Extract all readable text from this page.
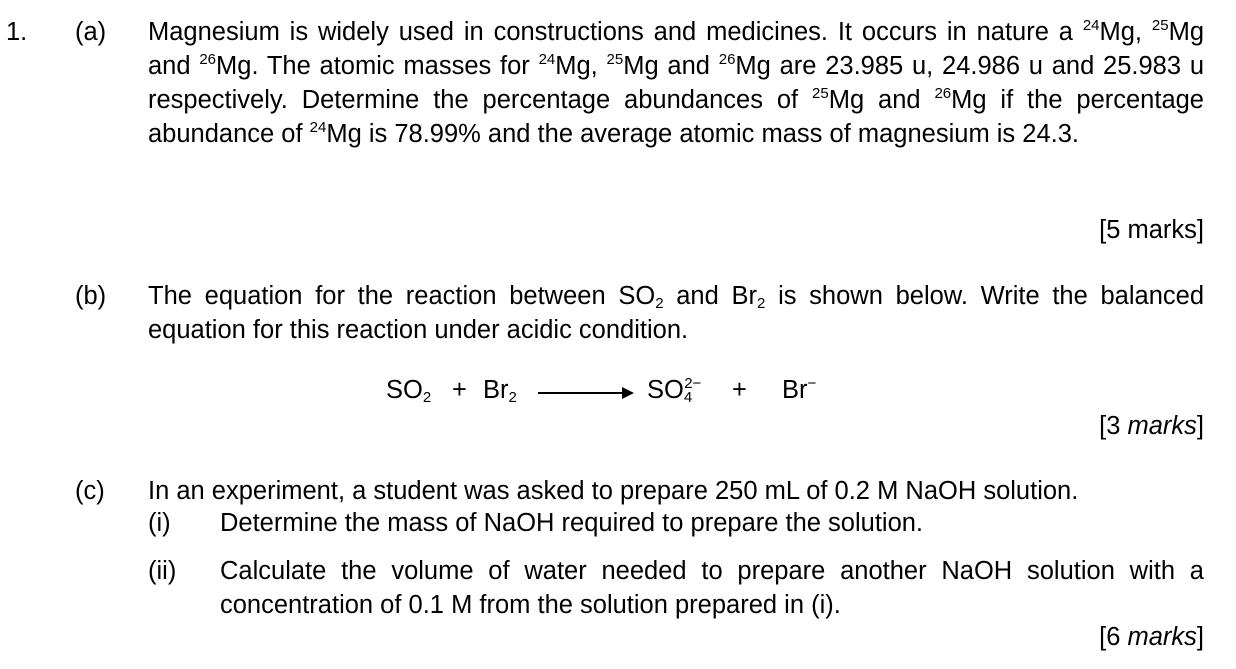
1. (a) Magnesium is widely used in constructions and medicines. It occurs in nature a $^{24}$Mg, $^{25}$Mg and $^{26}$Mg. The atomic masses for $^{24}$Mg, $^{25}$Mg and $^{26}$Mg are 23.985 u, 24.986 u and 25.983 u respectively. Determine the percentage abundances of $^{25}$Mg and $^{26}$Mg if the percentage abundance of $^{24}$Mg is 78.99% and the average atomic mass of magnesium is 24.3.
[5 marks]
(b) The equation for the reaction between $SO_2$ and $Br_2$ is shown below. Write the balanced equation for this reaction under acidic condition.
$SO_2 + Br_2$	$SO_4^{2-} + Br^-$
[3 marks]
(c) In an experiment, a student was asked to prepare 250 mL of 0.2 M NaOH solution.
(i) Determine the mass of NaOH required to prepare the solution.
(ii) Calculate the volume of water needed to prepare another NaOH solution with a concentration of 0.1 M from the solution prepared in (i).
[6 marks]
